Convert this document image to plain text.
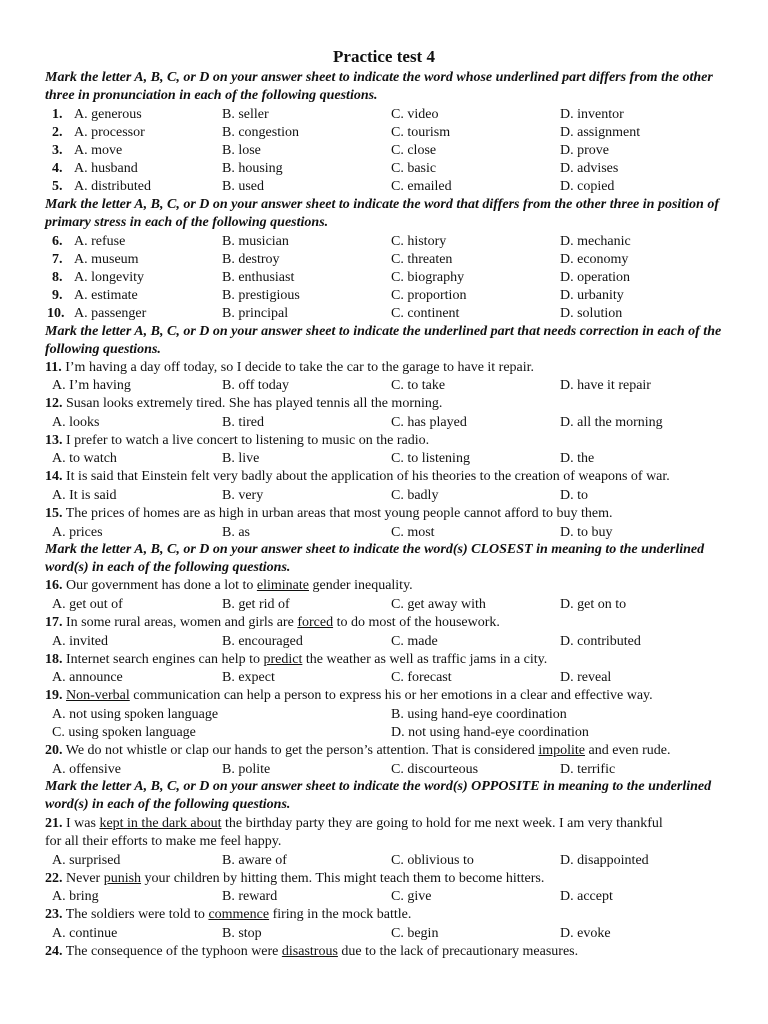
Practice test 4
Mark the letter A, B, C, or D on your answer sheet to indicate the word whose underlined part differs from the other three in pronunciation in each of the following questions.
1. A. generous	B. seller	C. video	D. inventor
2. A. processor	B. congestion	C. tourism	D. assignment
3. A. move	B. lose	C. close	D. prove
4. A. husband	B. housing	C. basic	D. advises
5. A. distributed	B. used	C. emailed	D. copied
Mark the letter A, B, C, or D on your answer sheet to indicate the word that differs from the other three in position of primary stress in each of the following questions.
6. A. refuse	B. musician	C. history	D. mechanic
7. A. museum	B. destroy	C. threaten	D. economy
8. A. longevity	B. enthusiast	C. biography	D. operation
9. A. estimate	B. prestigious	C. proportion	D. urbanity
10. A. passenger	B. principal	C. continent	D. solution
Mark the letter A, B, C, or D on your answer sheet to indicate the underlined part that needs correction in each of the following questions.
11. I’m having a day off today, so I decide to take the car to the garage to have it repair.
A. I’m having	B. off today	C. to take	D. have it repair
12. Susan looks extremely tired. She has played tennis all the morning.
A. looks	B. tired	C. has played	D. all the morning
13. I prefer to watch a live concert to listening to music on the radio.
A. to watch	B. live	C. to listening	D. the
14. It is said that Einstein felt very badly about the application of his theories to the creation of weapons of war.
A. It is said	B. very	C. badly	D. to
15. The prices of homes are as high in urban areas that most young people cannot afford to buy them.
A. prices	B. as	C. most	D. to buy
Mark the letter A, B, C, or D on your answer sheet to indicate the word(s) CLOSEST in meaning to the underlined word(s) in each of the following questions.
16. Our government has done a lot to eliminate gender inequality.
A. get out of	B. get rid of	C. get away with	D. get on to
17. In some rural areas, women and girls are forced to do most of the housework.
A. invited	B. encouraged	C. made	D. contributed
18. Internet search engines can help to predict the weather as well as traffic jams in a city.
A. announce	B. expect	C. forecast	D. reveal
19. Non-verbal communication can help a person to express his or her emotions in a clear and effective way.
A. not using spoken language	B. using hand-eye coordination
C. using spoken language	D. not using hand-eye coordination
20. We do not whistle or clap our hands to get the person’s attention. That is considered impolite and even rude.
A. offensive	B. polite	C. discourteous	D. terrific
Mark the letter A, B, C, or D on your answer sheet to indicate the word(s) OPPOSITE in meaning to the underlined word(s) in each of the following questions.
21. I was kept in the dark about the birthday party they are going to hold for me next week. I am very thankful
for all their efforts to make me feel happy.
A. surprised	B. aware of	C. oblivious to	D. disappointed
22. Never punish your children by hitting them. This might teach them to become hitters.
A. bring	B. reward	C. give	D. accept
23. The soldiers were told to commence firing in the mock battle.
A. continue	B. stop	C. begin	D. evoke
24. The consequence of the typhoon were disastrous due to the lack of precautionary measures.
